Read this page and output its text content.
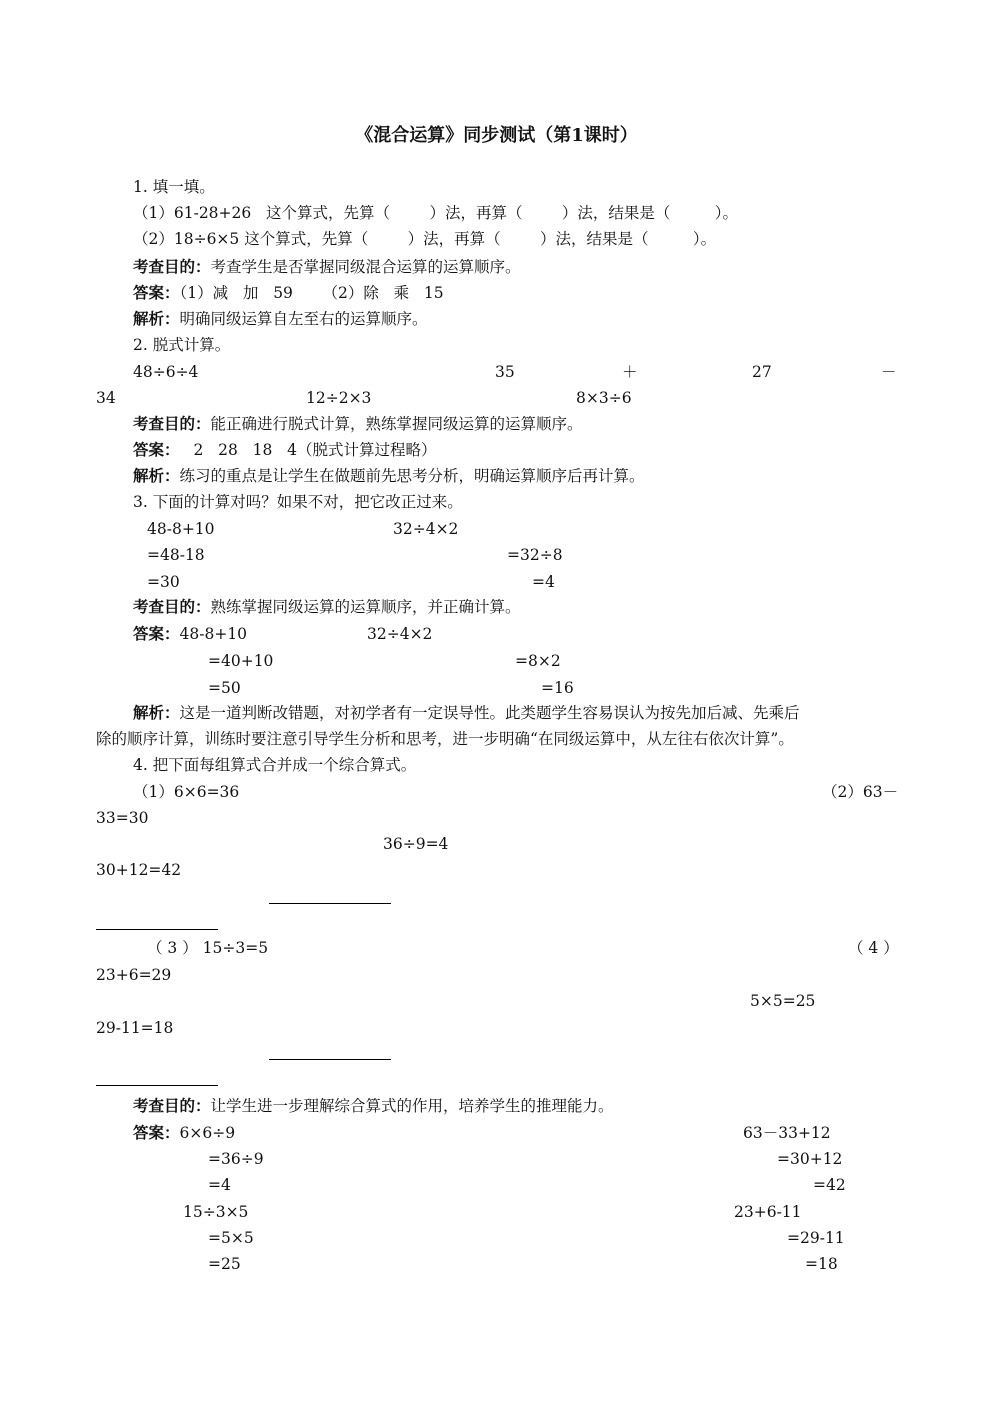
《混合运算》同步测试（第1课时）
1. 填一填。
（1）61-28+26   这个算式，先算（        ）法，再算（        ）法，结果是（         ）。
（2）18÷6×5 这个算式，先算（        ）法，再算（        ）法，结果是（         ）。
考查目的：考查学生是否掌握同级混合运算的运算顺序。
答案：（1）减   加   59      （2）除   乘   15
解析：明确同级运算自左至右的运算顺序。
2. 脱式计算。
48÷6÷4	35	＋	27	－
34	12÷2×3	8×3÷6
考查目的：能正确进行脱式计算，熟练掌握同级运算的运算顺序。
答案： 2   28   18   4（脱式计算过程略）
解析：练习的重点是让学生在做题前先思考分析，明确运算顺序后再计算。
3. 下面的计算对吗？如果不对，把它改正过来。
48-8+10
=48-18
=30
32÷4×2
=32÷8
=4
考查目的：熟练掌握同级运算的运算顺序，并正确计算。
答案：48-8+10
=40+10
=50
32÷4×2
=8×2
=16
解析：这是一道判断改错题，对初学者有一定误导性。此类题学生容易误认为按先加后减、先乘后
除的顺序计算，训练时要注意引导学生分析和思考，进一步明确“在同级运算中，从左往右依次计算”。
4. 把下面每组算式合并成一个综合算式。
（1）6×6=36	（2）63－
33=30
36÷9=4
30+12=42
（ 3 ） 15÷3=5	（ 4 ）
23+6=29
5×5=25
29-11=18
考查目的：让学生进一步理解综合算式的作用，培养学生的推理能力。
答案：6×6÷9
=36÷9
=4
63－33+12
=30+12
=42
15÷3×5
=5×5
=25
23+6-11
=29-11
=18
